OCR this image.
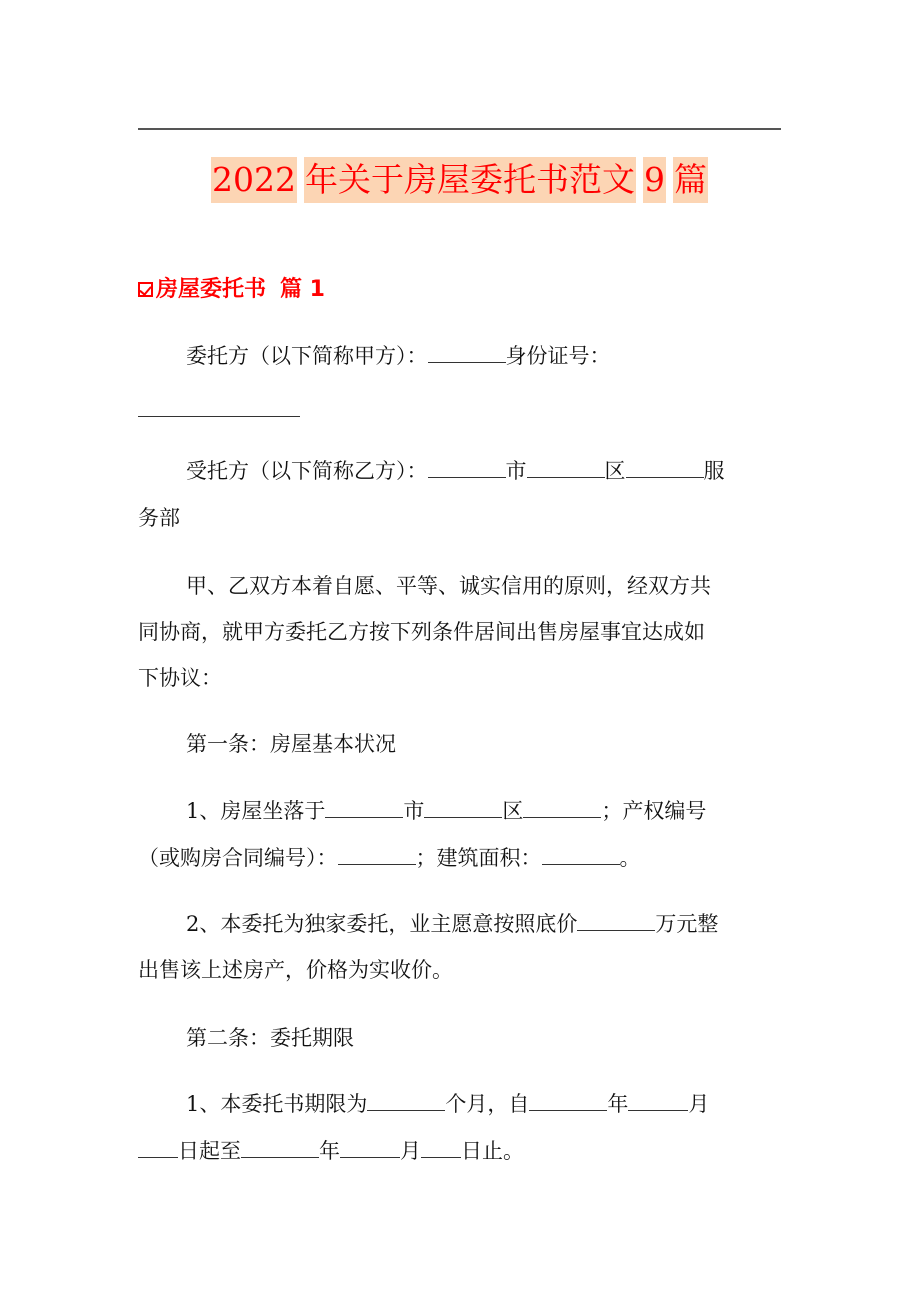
2022 年关于房屋委托书范文 9 篇
房屋委托书 篇 1
委托方（以下简称甲方）：	身份证号：
受托方（以下简称乙方）：	市	区	服
务部
甲、乙双方本着自愿、平等、诚实信用的原则，经双方共
同协商，就甲方委托乙方按下列条件居间出售房屋事宜达成如
下协议：
第一条：房屋基本状况
1、房屋坐落于	市	区	；产权编号
（或购房合同编号）：	；建筑面积：	。
2、本委托为独家委托，业主愿意按照底价	万元整
出售该上述房产，价格为实收价。
第二条：委托期限
1、本委托书期限为	个月，自	年	月
日起至	年	月 日止。
